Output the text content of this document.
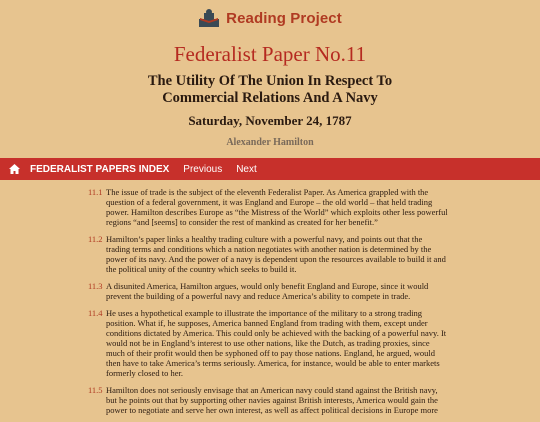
Reading Project
Federalist Paper No.11
The Utility Of The Union In Respect To Commercial Relations And A Navy
Saturday, November 24, 1787
Alexander Hamilton
FEDERALIST PAPERS INDEX Previous Next
11.1 The issue of trade is the subject of the eleventh Federalist Paper. As America grappled with the question of a federal government, it was England and Europe – the old world – that held trading power. Hamilton describes Europe as “the Mistress of the World” which exploits other less powerful regions “and [seems] to consider the rest of mankind as created for her benefit.”
11.2 Hamilton’s paper links a healthy trading culture with a powerful navy, and points out that the trading terms and conditions which a nation negotiates with another nation is determined by the power of its navy. And the power of a navy is dependent upon the resources available to build it and the political unity of the country which seeks to build it.
11.3 A disunited America, Hamilton argues, would only benefit England and Europe, since it would prevent the building of a powerful navy and reduce America’s ability to compete in trade.
11.4 He uses a hypothetical example to illustrate the importance of the military to a strong trading position. What if, he supposes, America banned England from trading with them, except under conditions dictated by America. This could only be achieved with the backing of a powerful navy. It would not be in England’s interest to use other nations, like the Dutch, as trading proxies, since much of their profit would then be syphoned off to pay those nations. England, he argued, would then have to take America’s terms seriously. America, for instance, would be able to enter markets formerly closed to her.
11.5 Hamilton does not seriously envisage that an American navy could stand against the British navy, but he points out that by supporting other navies against British interests, America would gain the power to negotiate and serve her own interest, as well as affect political decisions in Europe more
